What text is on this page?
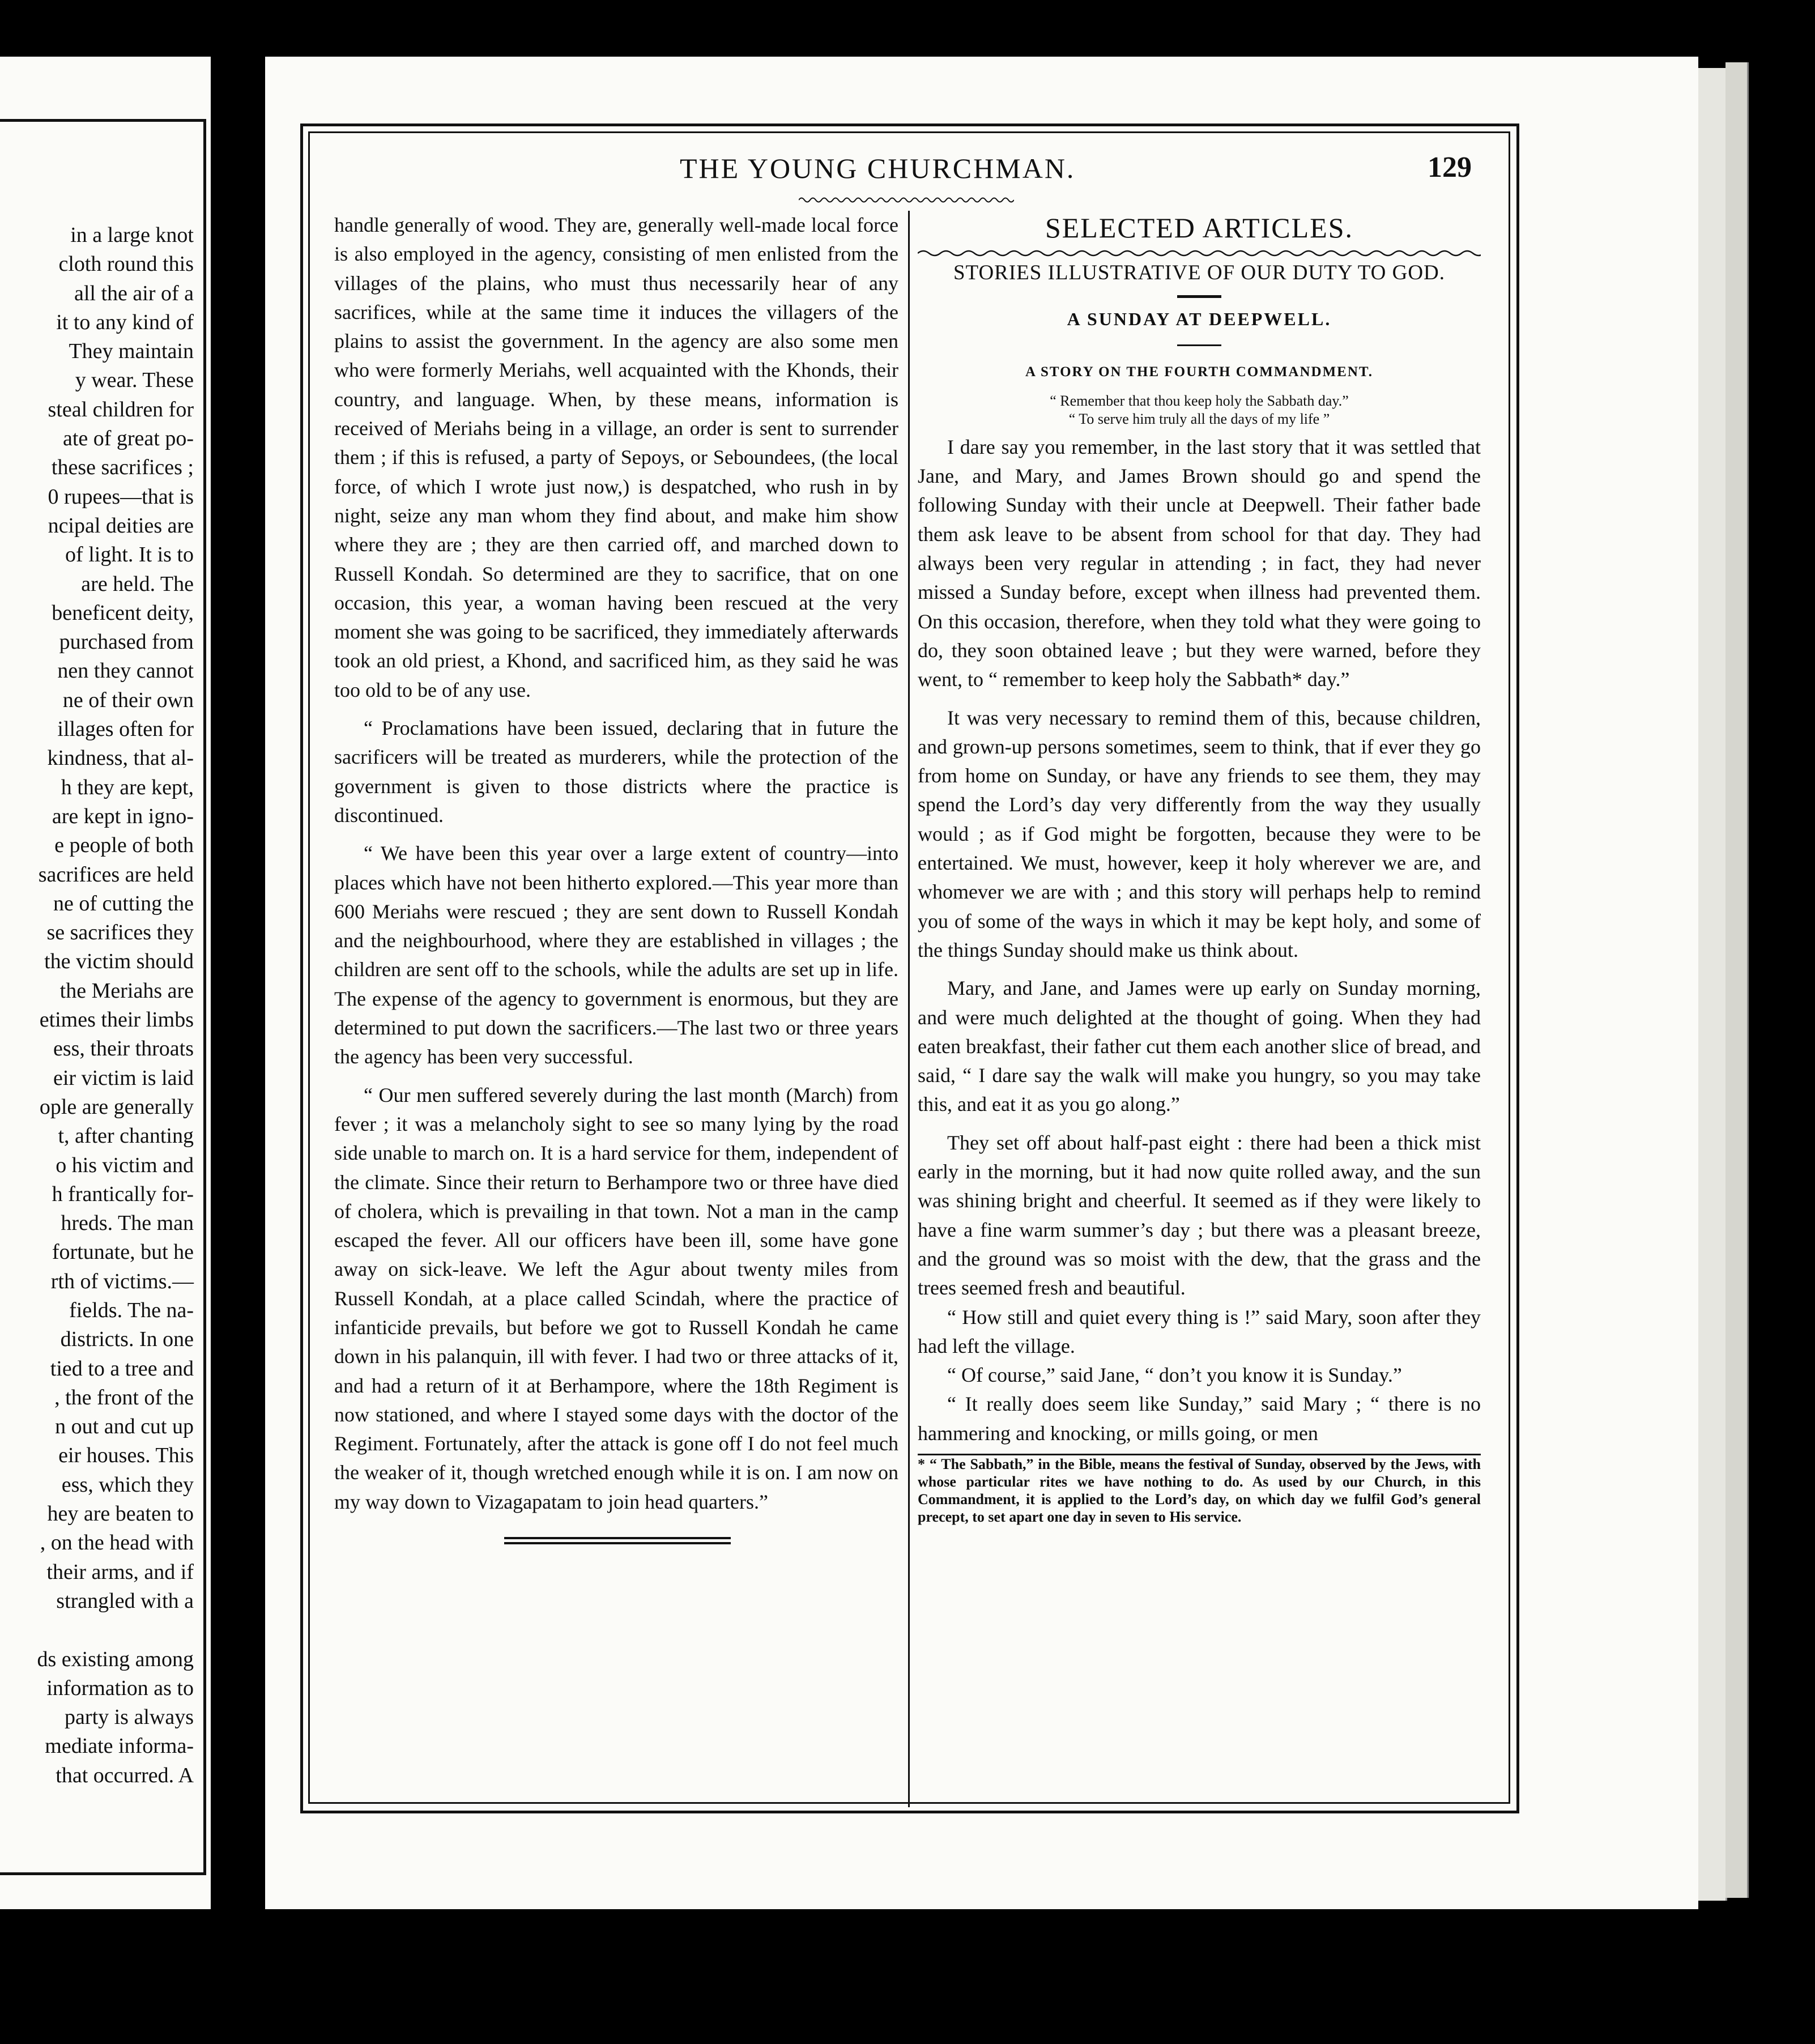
in a large knot
cloth round this
all the air of a
it to any kind of
They maintain
y wear. These
steal children for
ate of great po-
these sacrifices ;
0 rupees—that is
ncipal deities are
of light. It is to
are held. The
beneficent deity,
purchased from
nen they cannot
ne of their own
illages often for
kindness, that al-
h they are kept,
are kept in igno-
e people of both
sacrifices are held
ne of cutting the
se sacrifices they
the victim should
the Meriahs are
etimes their limbs
ess, their throats
eir victim is laid
ople are generally
t, after chanting
o his victim and
h frantically for-
hreds. The man
fortunate, but he
rth of victims.—
fields. The na-
districts. In one
tied to a tree and
, the front of the
n out and cut up
eir houses. This
ess, which they
hey are beaten to
, on the head with
their arms, and if
strangled with a
ds existing among
information as to
party is always
mediate informa-
that occurred. A
THE YOUNG CHURCHMAN.	129

handle generally of wood. They are, generally well-made local force is also employed in the agency, consisting of men enlisted from the villages of the plains, who must thus necessarily hear of any sacrifices, while at the same time it induces the villagers of the plains to assist the government. In the agency are also some men who were formerly Meriahs, well acquainted with the Khonds, their country, and language. When, by these means, information is received of Meriahs being in a village, an order is sent to surrender them ; if this is refused, a party of Sepoys, or Seboundees, (the local force, of which I wrote just now,) is despatched, who rush in by night, seize any man whom they find about, and make him show where they are ; they are then carried off, and marched down to Russell Kondah. So determined are they to sacrifice, that on one occasion, this year, a woman having been rescued at the very moment she was going to be sacrificed, they immediately afterwards took an old priest, a Khond, and sacrificed him, as they said he was too old to be of any use.

“ Proclamations have been issued, declaring that in future the sacrificers will be treated as murderers, while the protection of the government is given to those districts where the practice is discontinued.

“ We have been this year over a large extent of country—into places which have not been hitherto explored.—This year more than 600 Meriahs were rescued ; they are sent down to Russell Kondah and the neighbourhood, where they are established in villages ; the children are sent off to the schools, while the adults are set up in life. The expense of the agency to government is enormous, but they are determined to put down the sacrificers.—The last two or three years the agency has been very successful.

“ Our men suffered severely during the last month (March) from fever ; it was a melancholy sight to see so many lying by the road side unable to march on. It is a hard service for them, independent of the climate. Since their return to Berhampore two or three have died of cholera, which is prevailing in that town. Not a man in the camp escaped the fever. All our officers have been ill, some have gone away on sick-leave. We left the Agur about twenty miles from Russell Kondah, at a place called Scindah, where the practice of infanticide prevails, but before we got to Russell Kondah he came down in his palanquin, ill with fever. I had two or three attacks of it, and had a return of it at Berhampore, where the 18th Regiment is now stationed, and where I stayed some days with the doctor of the Regiment. Fortunately, after the attack is gone off I do not feel much the weaker of it, though wretched enough while it is on. I am now on my way down to Vizagapatam to join head quarters.”

SELECTED ARTICLES.

STORIES ILLUSTRATIVE OF OUR DUTY TO GOD.

A SUNDAY AT DEEPWELL.

A STORY ON THE FOURTH COMMANDMENT.

“ Remember that thou keep holy the Sabbath day.”
“ To serve him truly all the days of my life ”

I dare say you remember, in the last story that it was settled that Jane, and Mary, and James Brown should go and spend the following Sunday with their uncle at Deepwell. Their father bade them ask leave to be absent from school for that day. They had always been very regular in attending ; in fact, they had never missed a Sunday before, except when illness had prevented them. On this occasion, therefore, when they told what they were going to do, they soon obtained leave ; but they were warned, before they went, to “ remember to keep holy the Sabbath* day.”

It was very necessary to remind them of this, because children, and grown-up persons sometimes, seem to think, that if ever they go from home on Sunday, or have any friends to see them, they may spend the Lord’s day very differently from the way they usually would ; as if God might be forgotten, because they were to be entertained. We must, however, keep it holy wherever we are, and whomever we are with ; and this story will perhaps help to remind you of some of the ways in which it may be kept holy, and some of the things Sunday should make us think about.

Mary, and Jane, and James were up early on Sunday morning, and were much delighted at the thought of going. When they had eaten breakfast, their father cut them each another slice of bread, and said, “ I dare say the walk will make you hungry, so you may take this, and eat it as you go along.”

They set off about half-past eight : there had been a thick mist early in the morning, but it had now quite rolled away, and the sun was shining bright and cheerful. It seemed as if they were likely to have a fine warm summer’s day ; but there was a pleasant breeze, and the ground was so moist with the dew, that the grass and the trees seemed fresh and beautiful.

“ How still and quiet every thing is !” said Mary, soon after they had left the village.

“ Of course,” said Jane, “ don’t you know it is Sunday.”

“ It really does seem like Sunday,” said Mary ; “ there is no hammering and knocking, or mills going, or men

* “ The Sabbath,” in the Bible, means the festival of Sunday, observed by the Jews, with whose particular rites we have nothing to do. As used by our Church, in this Commandment, it is applied to the Lord’s day, on which day we fulfil God’s general precept, to set apart one day in seven to His service.
